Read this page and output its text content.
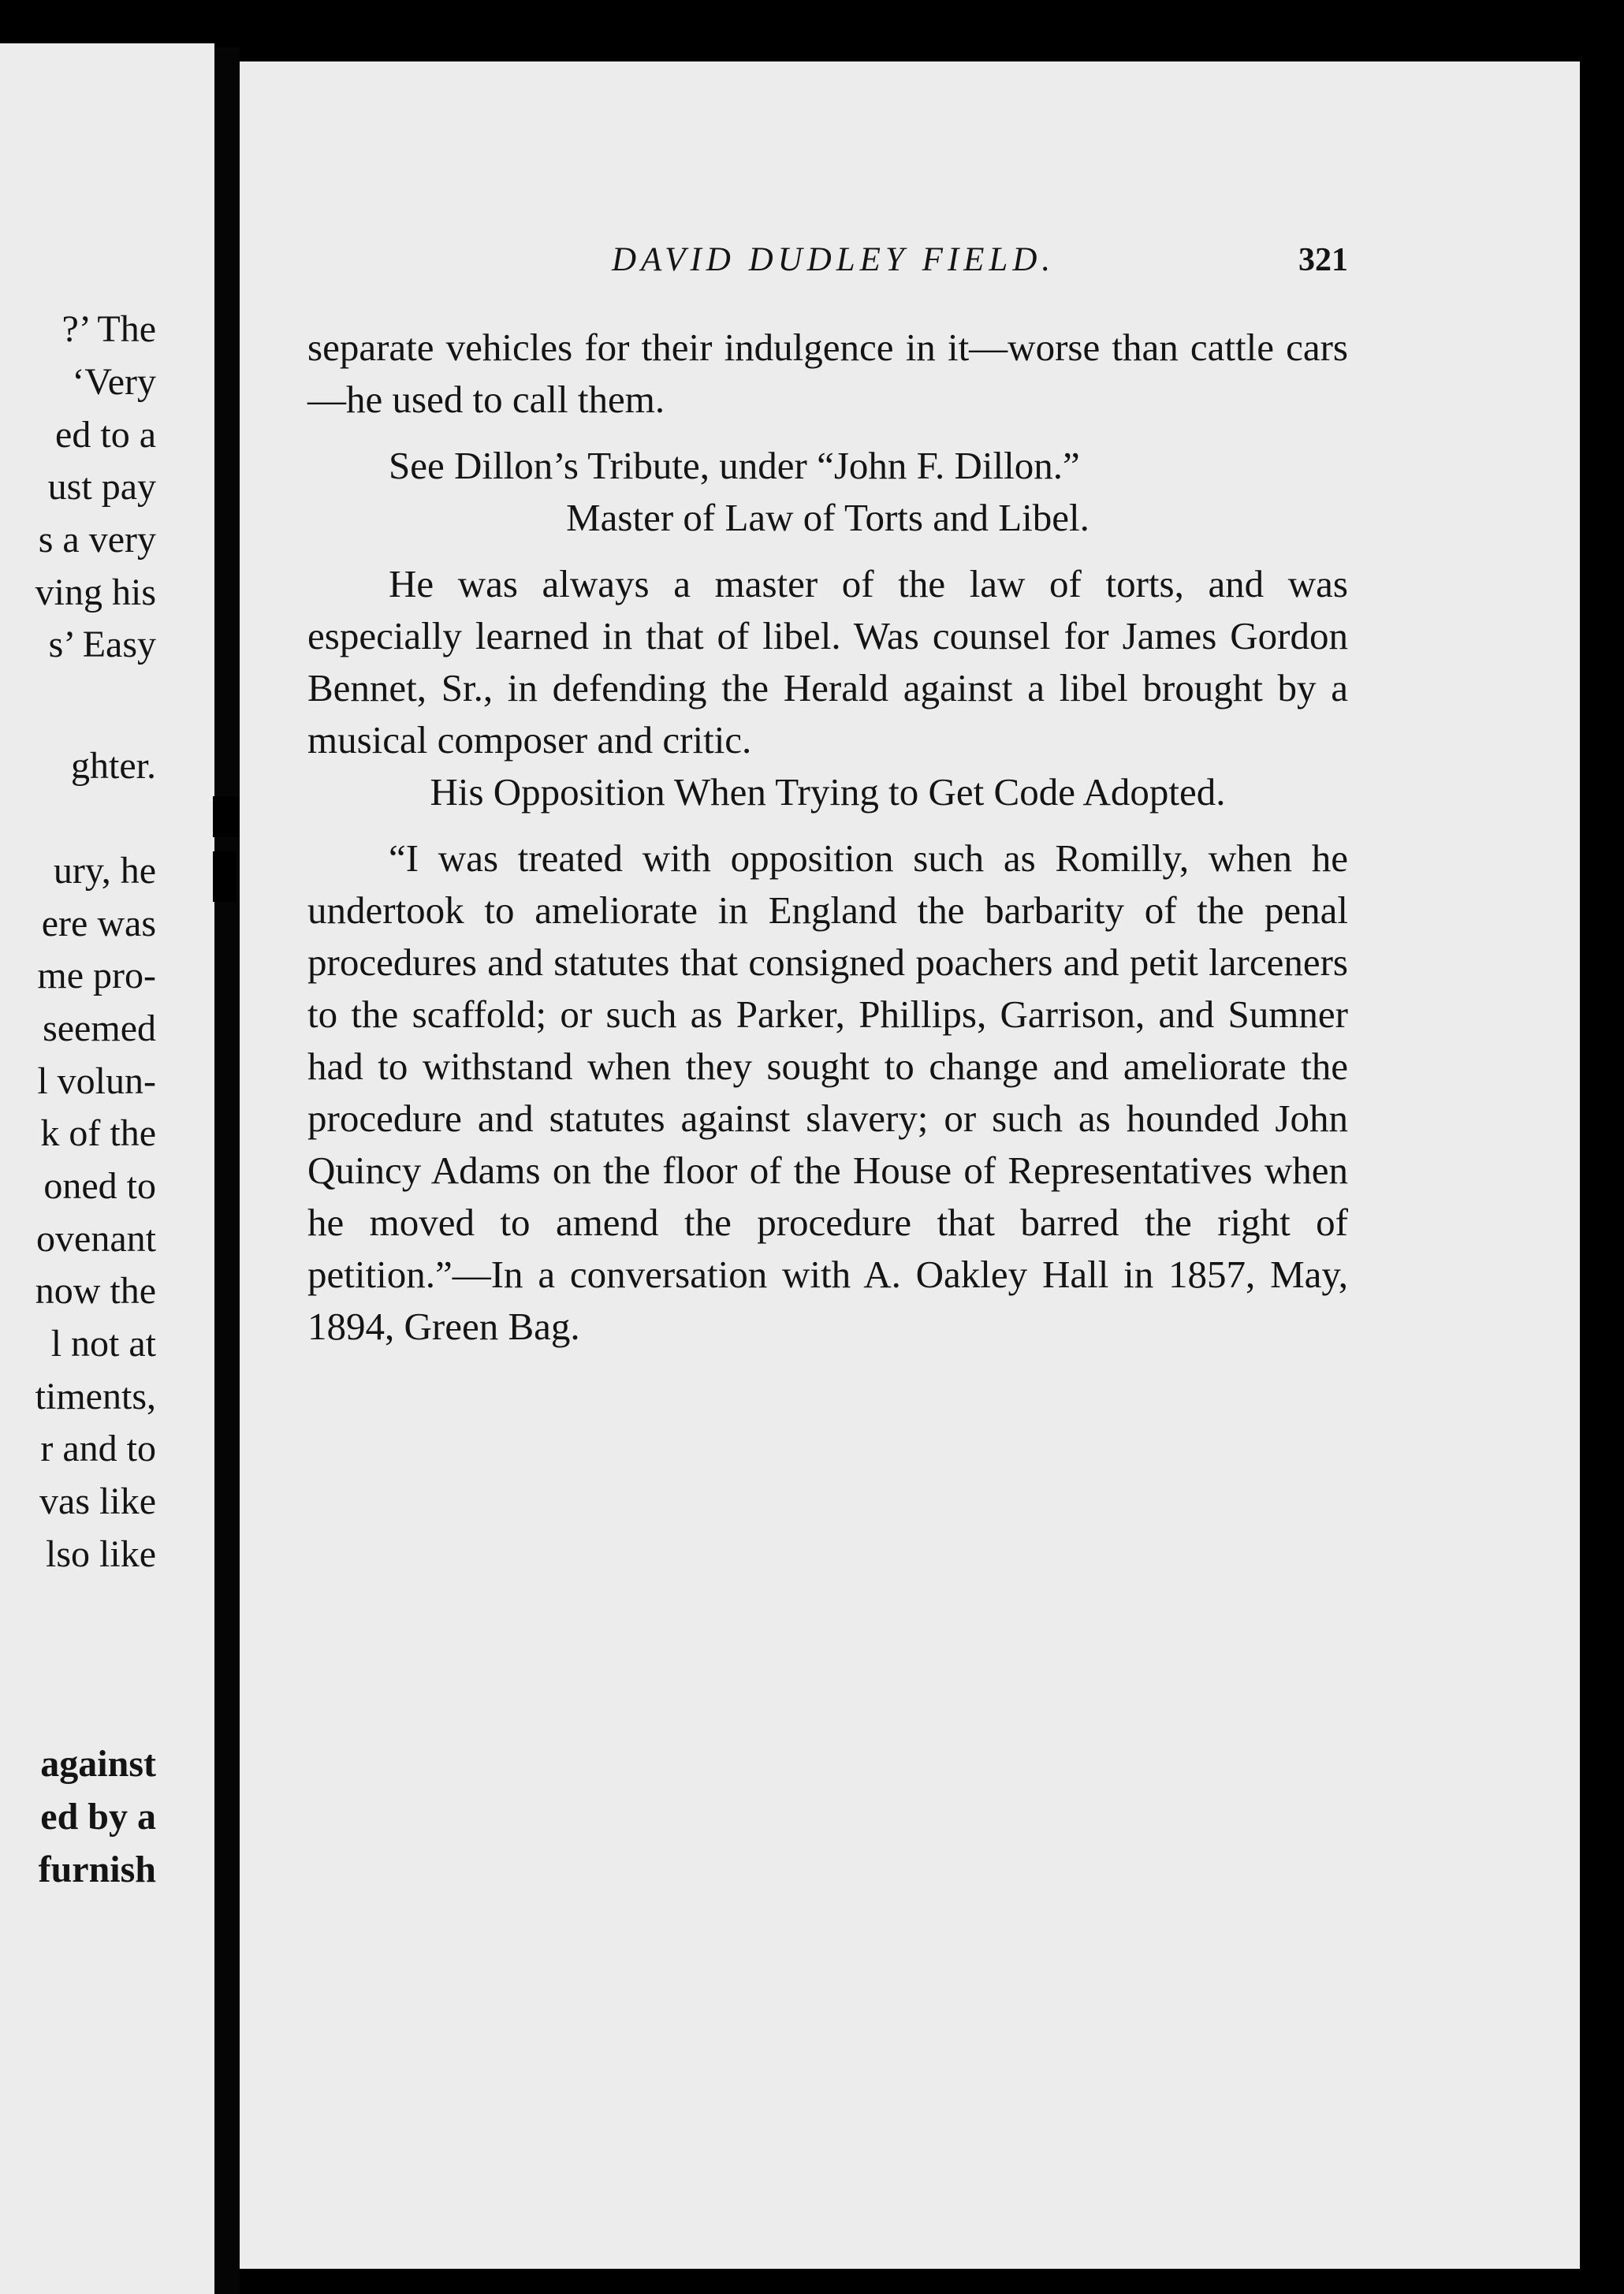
?’ The
‘Very
ed to a
ust pay
s a very
ving his
s’ Easy
ghter.
ury, he
ere was
me pro-
seemed
l volun-
k of the
oned to
ovenant
now the
l not at
timents,
r and to
vas like
lso like
against
ed by a
furnish
DAVID DUDLEY FIELD.	321

separate vehicles for their indulgence in it—worse than cattle cars—he used to call them.

See Dillon’s Tribute, under “John F. Dillon.”

Master of Law of Torts and Libel.

He was always a master of the law of torts, and was especially learned in that of libel. Was counsel for James Gordon Bennet, Sr., in defending the Herald against a libel brought by a musical composer and critic.

His Opposition When Trying to Get Code Adopted.

“I was treated with opposition such as Romilly, when he undertook to ameliorate in England the barbarity of the penal procedures and statutes that consigned poachers and petit larceners to the scaffold; or such as Parker, Phillips, Garrison, and Sumner had to withstand when they sought to change and ameliorate the procedure and statutes against slavery; or such as hounded John Quincy Adams on the floor of the House of Representatives when he moved to amend the procedure that barred the right of petition.”—In a conversation with A. Oakley Hall in 1857, May, 1894, Green Bag.
